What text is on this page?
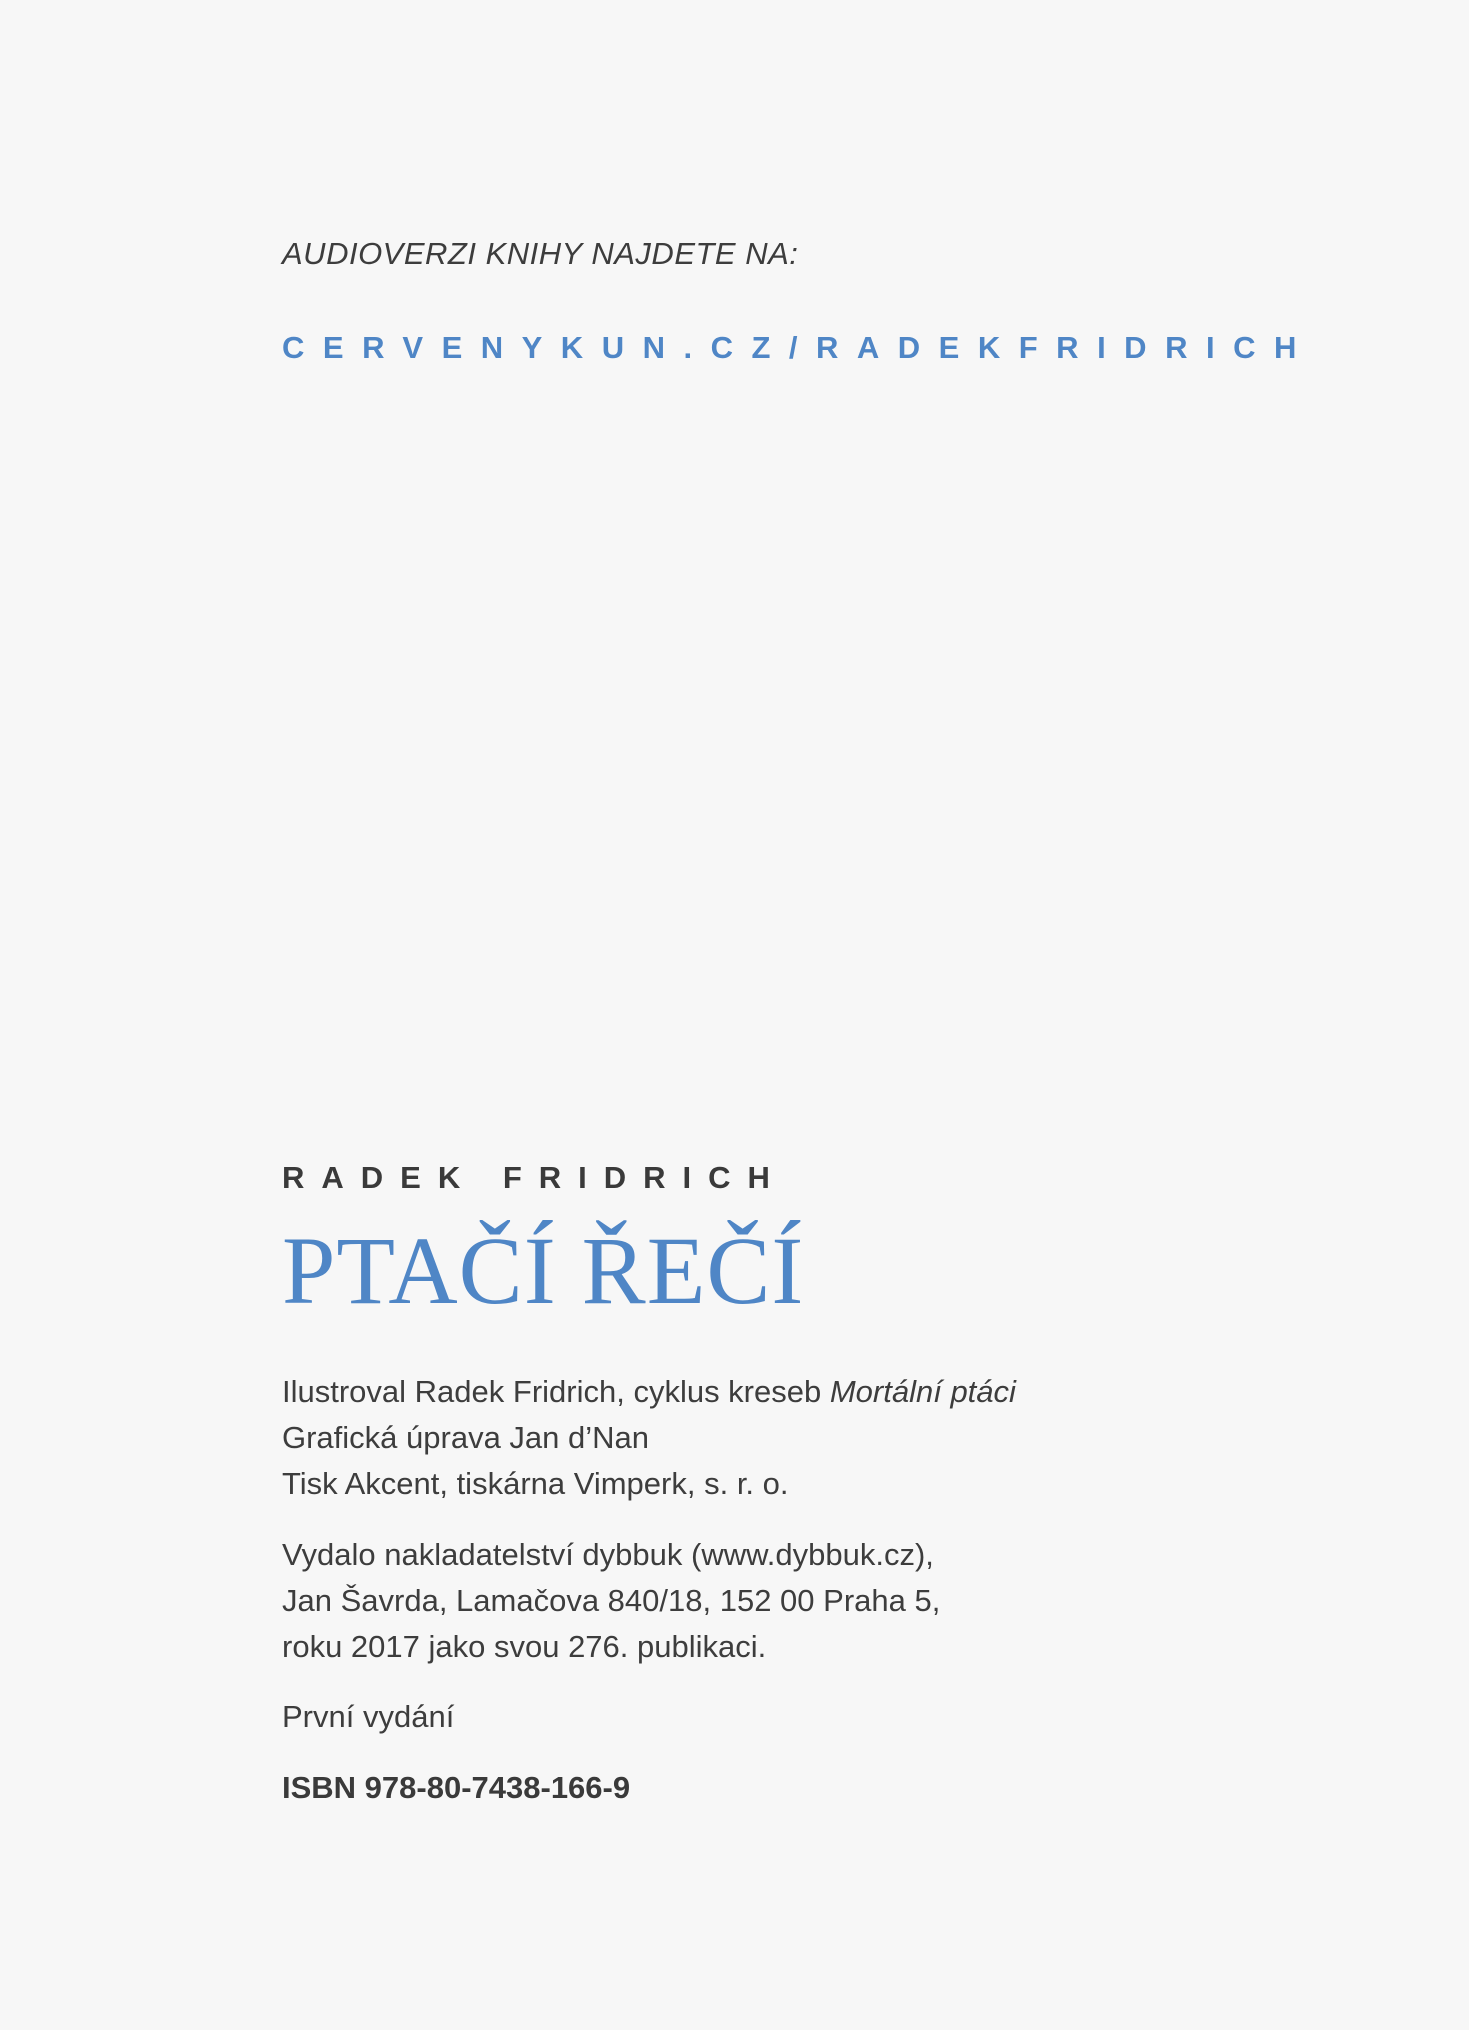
AUDIOVERZI KNIHY NAJDETE NA:
CERVENYKUN.CZ/RADEKFRIDRICH
RADEK FRIDRICH
PTAČÍ ŘEČÍ
Ilustroval Radek Fridrich, cyklus kreseb Mortální ptáci
Grafická úprava Jan d’Nan
Tisk Akcent, tiskárna Vimperk, s. r. o.
Vydalo nakladatelství dybbuk (www.dybbuk.cz),
Jan Šavrda, Lamačova 840/18, 152 00 Praha 5,
roku 2017 jako svou 276. publikaci.
První vydání
ISBN 978-80-7438-166-9
